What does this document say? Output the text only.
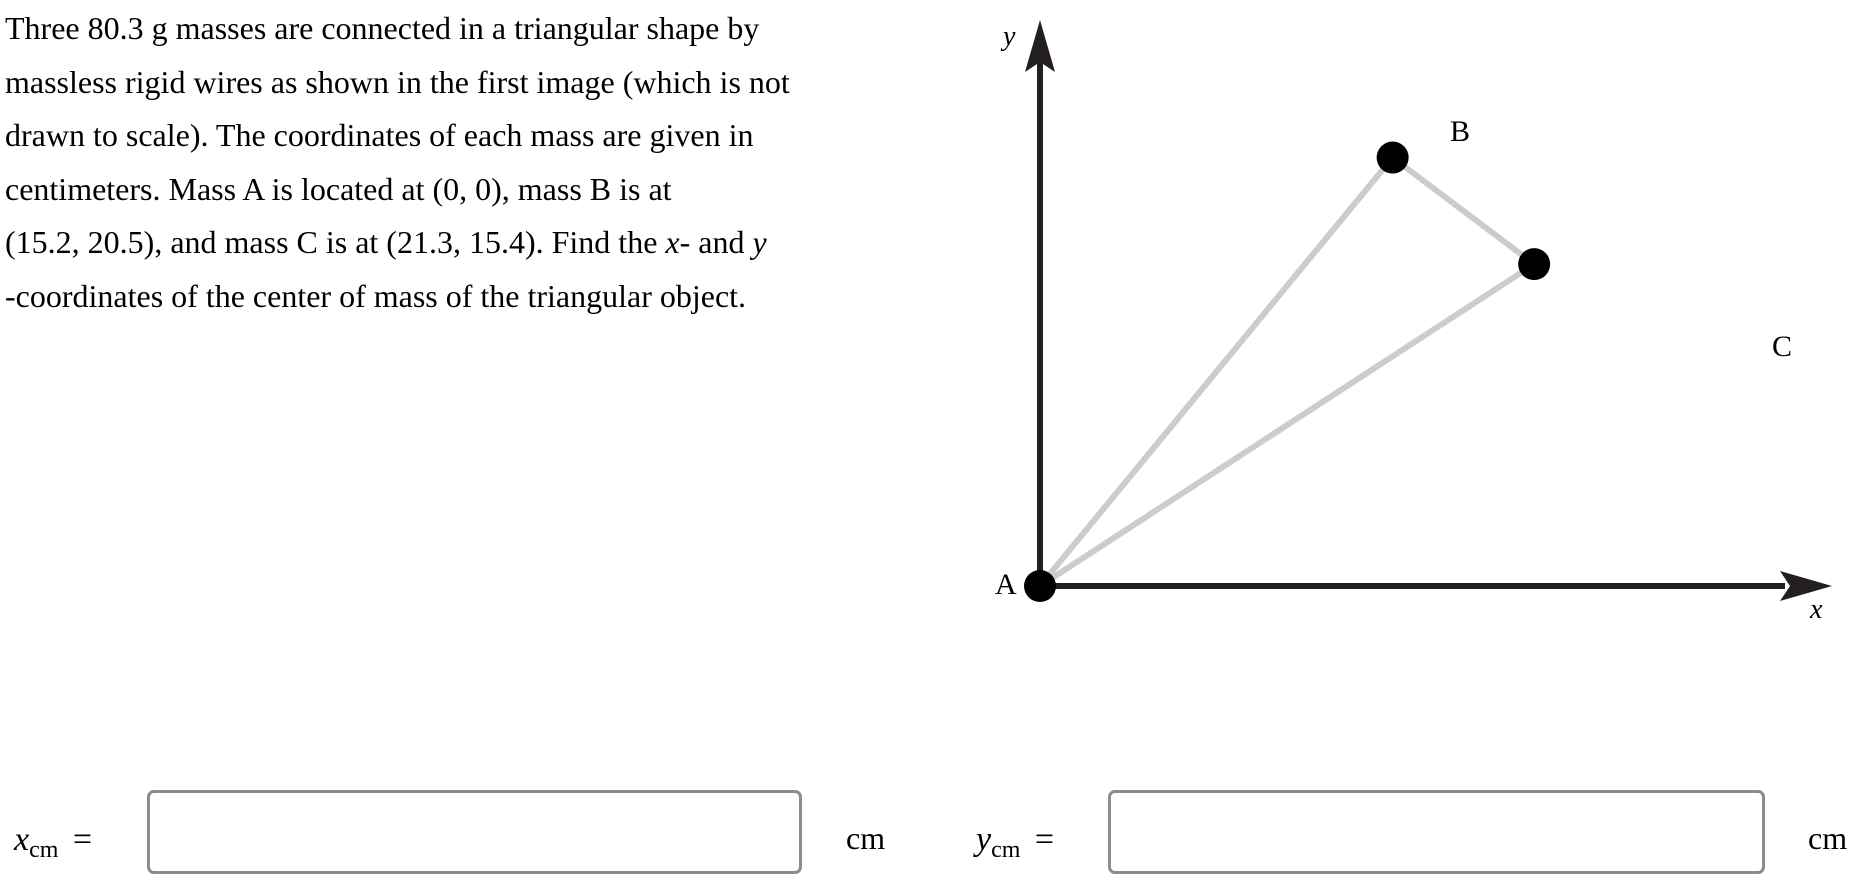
Three 80.3 g masses are connected in a triangular shape by
massless rigid wires as shown in the first image (which is not
drawn to scale). The coordinates of each mass are given in
centimeters. Mass A is located at (0, 0), mass B is at
(15.2, 20.5), and mass C is at (21.3, 15.4). Find the x- and y
-coordinates of the center of mass of the triangular object.
y
x
A
B
C
$x_{cm}$ =	cm	$y_{cm}$ =	cm
